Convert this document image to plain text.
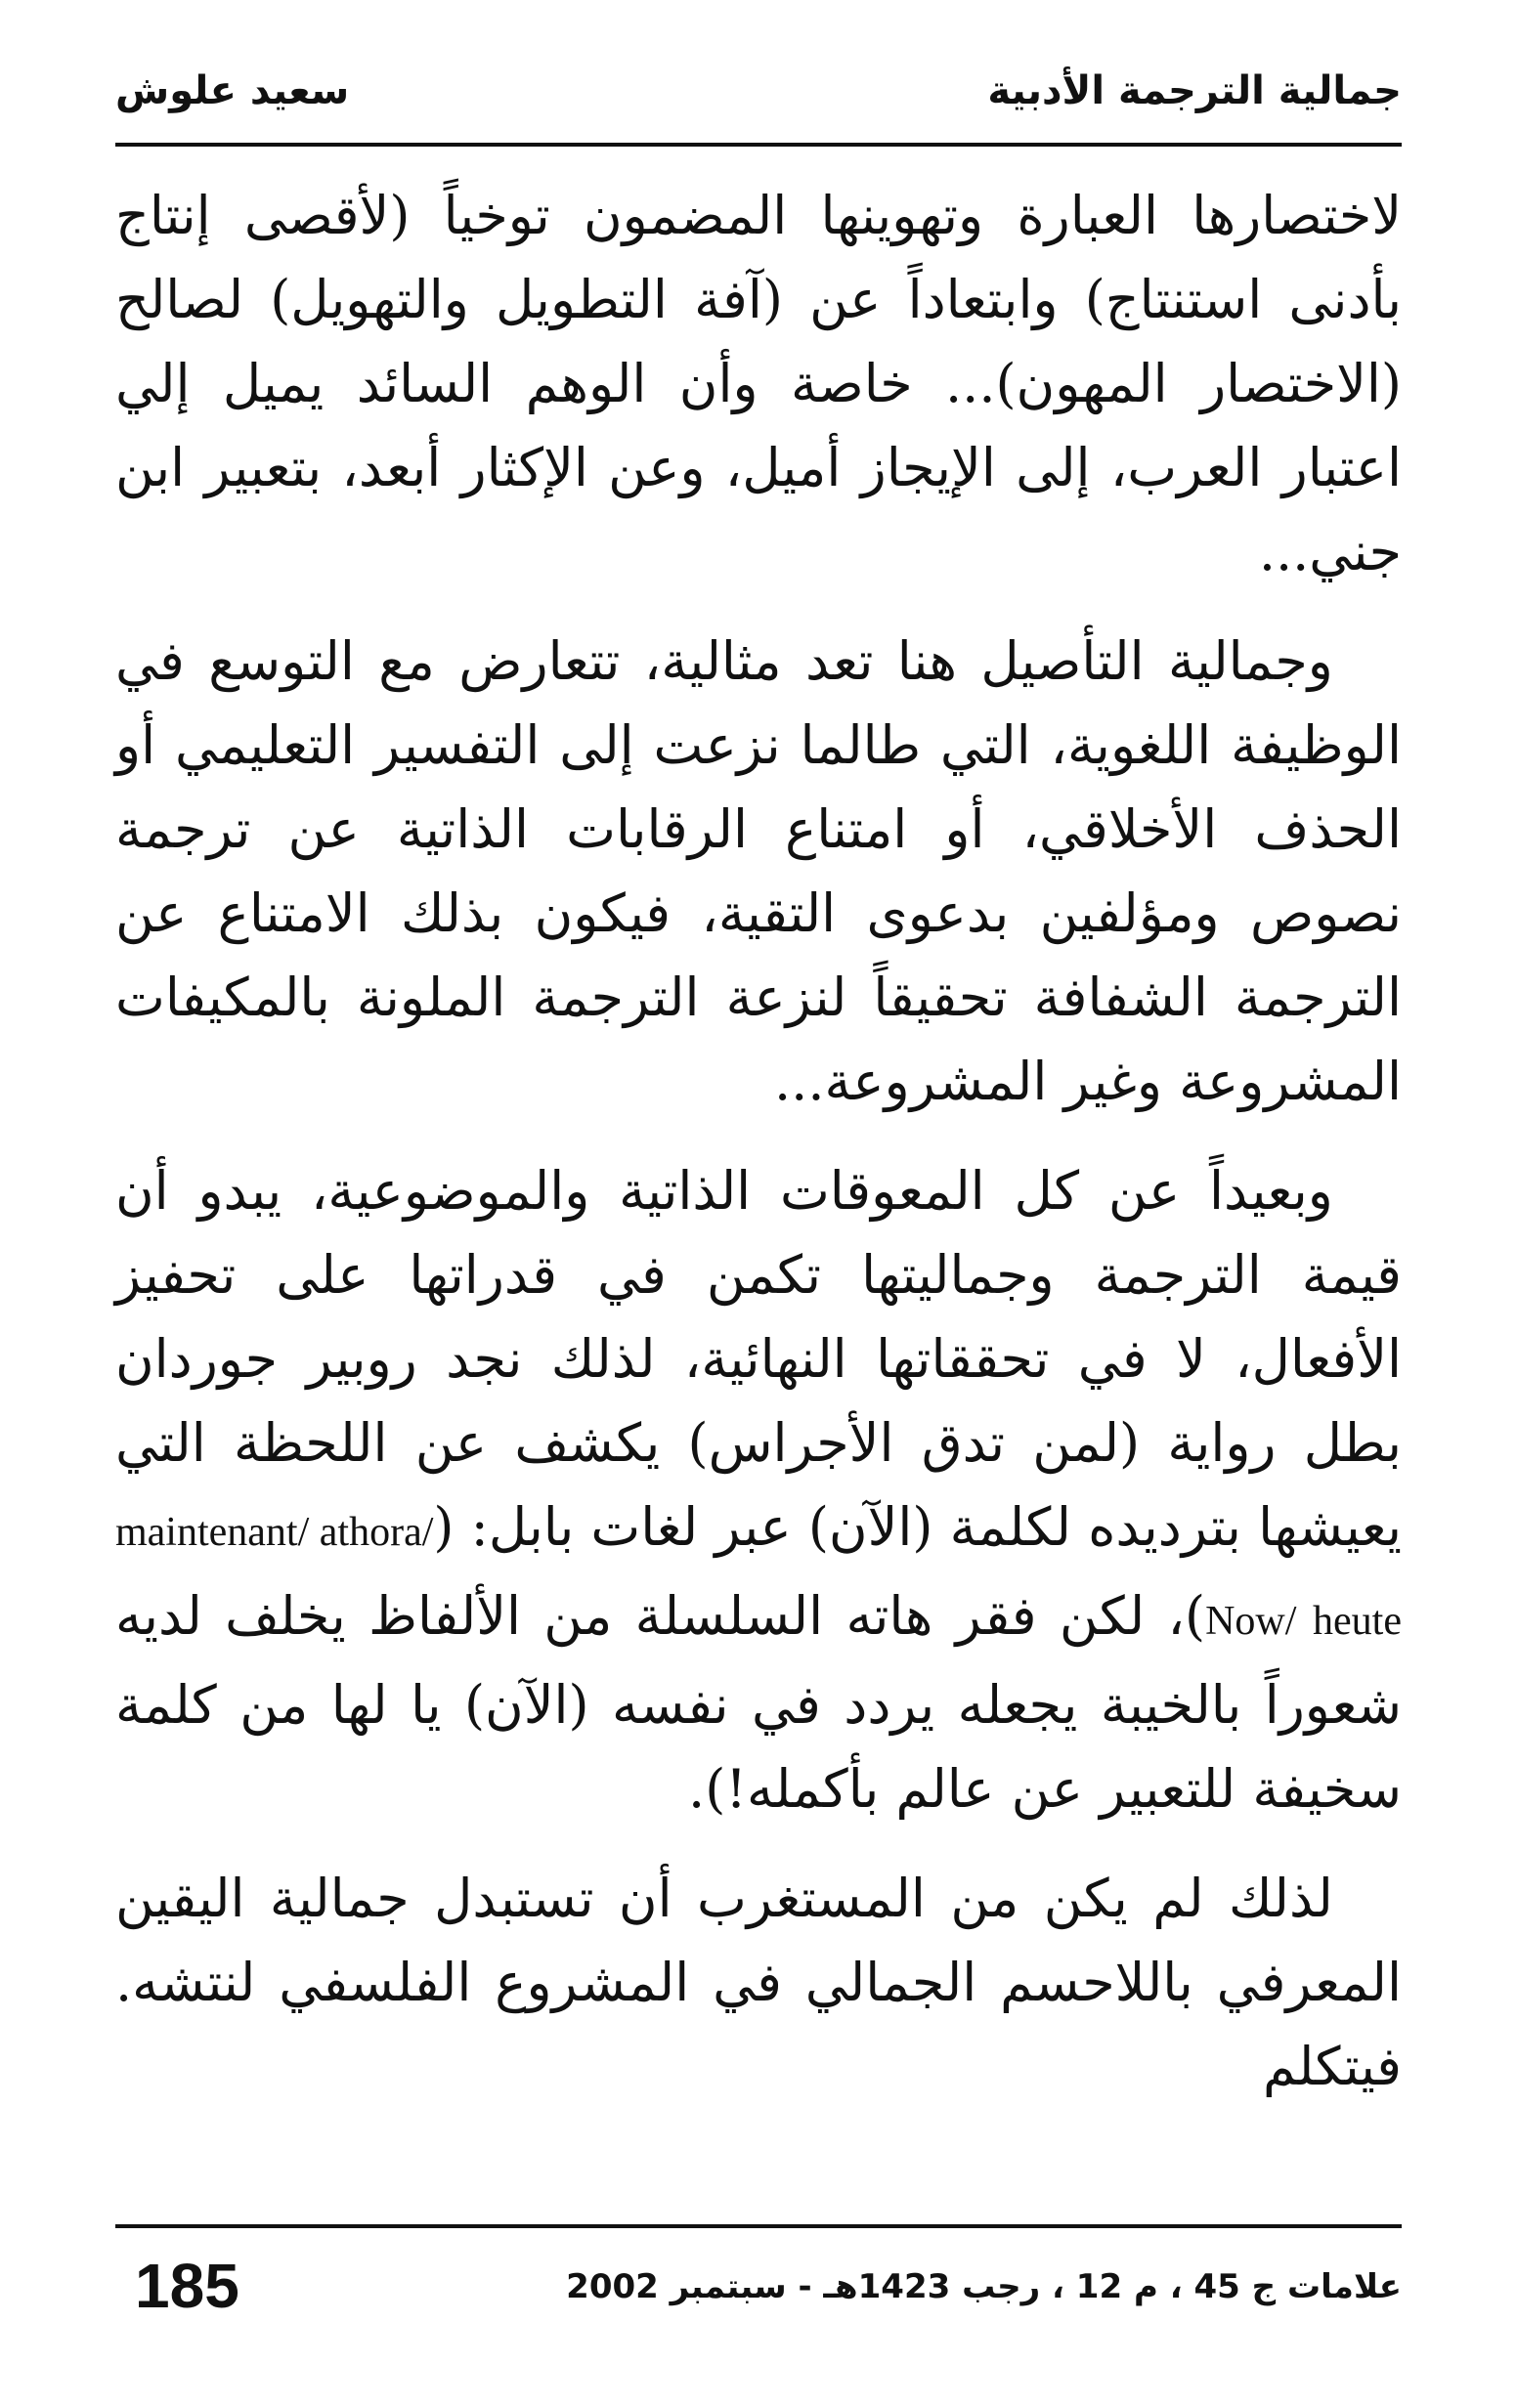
جمالية الترجمة الأدبية
سعيد علوش

لاختصارها العبارة وتهوينها المضمون توخياً (لأقصى إنتاج بأدنى استنتاج) وابتعاداً عن (آفة التطويل والتهويل) لصالح (الاختصار المهون)... خاصة وأن الوهم السائد يميل إلي اعتبار العرب، إلى الإيجاز أميل، وعن الإكثار أبعد، بتعبير ابن جني...

وجمالية التأصيل هنا تعد مثالية، تتعارض مع التوسع في الوظيفة اللغوية، التي طالما نزعت إلى التفسير التعليمي أو الحذف الأخلاقي، أو امتناع الرقابات الذاتية عن ترجمة نصوص ومؤلفين بدعوى التقية، فيكون بذلك الامتناع عن الترجمة الشفافة تحقيقاً لنزعة الترجمة الملونة بالمكيفات المشروعة وغير المشروعة...

وبعيداً عن كل المعوقات الذاتية والموضوعية، يبدو أن قيمة الترجمة وجماليتها تكمن في قدراتها على تحفيز الأفعال، لا في تحققاتها النهائية، لذلك نجد روبير جوردان بطل رواية (لمن تدق الأجراس) يكشف عن اللحظة التي يعيشها بترديده لكلمة (الآن) عبر لغات بابل: (maintenant/ athora/ Now/ heute)، لكن فقر هاته السلسلة من الألفاظ يخلف لديه شعوراً بالخيبة يجعله يردد في نفسه (الآن) يا لها من كلمة سخيفة للتعبير عن عالم بأكمله!).

لذلك لم يكن من المستغرب أن تستبدل جمالية اليقين المعرفي باللاحسم الجمالي في المشروع الفلسفي لنتشه. فيتكلم

علامات ج 45 ، م 12 ، رجب 1423هـ - سبتمبر 2002
185
